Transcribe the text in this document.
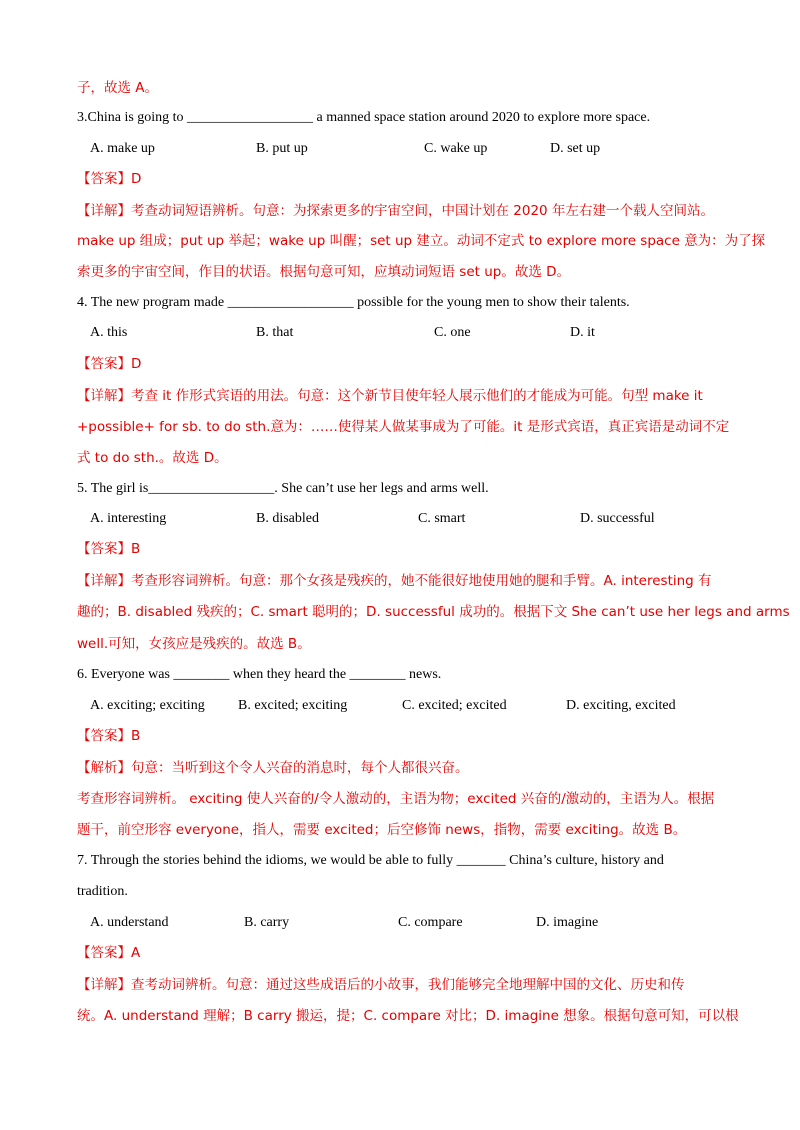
子，故选 A。
3.China is going to __________________ a manned space station around 2020 to explore more space.
A. make up	B. put up	C. wake up	D. set up
【答案】D
【详解】考查动词短语辨析。句意：为探索更多的宇宙空间，中国计划在 2020 年左右建一个载人空间站。
make up 组成；put up 举起；wake up 叫醒；set up 建立。动词不定式 to explore more space 意为：为了探
索更多的宇宙空间，作目的状语。根据句意可知，应填动词短语 set up。故选 D。
4. The new program made __________________ possible for the young men to show their talents.
A. this	B. that	C. one	D. it
【答案】D
【详解】考查 it 作形式宾语的用法。句意：这个新节目使年轻人展示他们的才能成为可能。句型 make it
+possible+ for sb. to do sth.意为：……使得某人做某事成为了可能。it 是形式宾语，真正宾语是动词不定
式 to do sth.。故选 D。
5. The girl is__________________. She can’t use her legs and arms well.
A. interesting	B. disabled	C. smart	D. successful
【答案】B
【详解】考查形容词辨析。句意：那个女孩是残疾的，她不能很好地使用她的腿和手臂。A. interesting 有
趣的；B. disabled 残疾的；C. smart 聪明的；D. successful 成功的。根据下文 She can’t use her legs and arms
well.可知，女孩应是残疾的。故选 B。
6. Everyone was ________ when they heard the ________ news.
A. exciting; exciting B. excited; exciting	C. excited; excited	D. exciting, excited
【答案】B
【解析】句意：当听到这个令人兴奋的消息时，每个人都很兴奋。
考查形容词辨析。 exciting 使人兴奋的/令人激动的，主语为物；excited 兴奋的/激动的，主语为人。根据
题干，前空形容 everyone，指人，需要 excited；后空修饰 news，指物，需要 exciting。故选 B。
7. Through the stories behind the idioms, we would be able to fully _______ China’s culture, history and
tradition.
A. understand	B. carry	C. compare	D. imagine
【答案】A
【详解】查考动词辨析。句意：通过这些成语后的小故事，我们能够完全地理解中国的文化、历史和传
统。A. understand 理解；B carry 搬运，提；C. compare 对比；D. imagine 想象。根据句意可知，可以根
